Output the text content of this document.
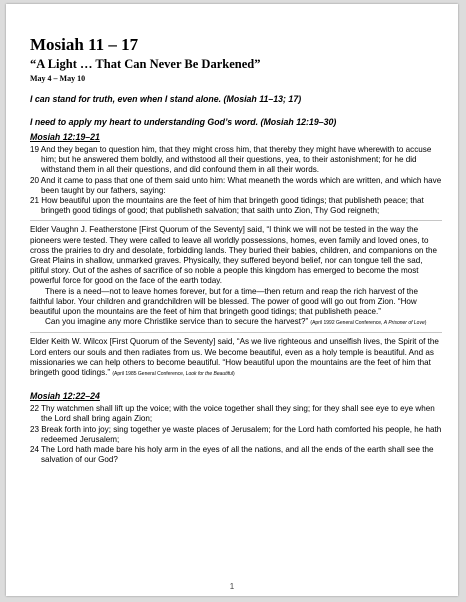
Mosiah 11 – 17

“A Light … That Can Never Be Darkened”

May 4 – May 10

I can stand for truth, even when I stand alone. (Mosiah 11–13; 17)

I need to apply my heart to understanding God’s word. (Mosiah 12:19–30)

Mosiah 12:19–21
19 And they began to question him, that they might cross him, that thereby they might have wherewith to accuse him; but he answered them boldly, and withstood all their questions, yea, to their astonishment; for he did withstand them in all their questions, and did confound them in all their words.
20 And it came to pass that one of them said unto him: What meaneth the words which are written, and which have been taught by our fathers, saying:
21 How beautiful upon the mountains are the feet of him that bringeth good tidings; that publisheth peace; that bringeth good tidings of good; that publisheth salvation; that saith unto Zion, Thy God reigneth;

Elder Vaughn J. Featherstone [First Quorum of the Seventy] said, “I think we will not be tested in the way the pioneers were tested. They were called to leave all worldly possessions, homes, even family and loved ones, to cross the prairies to dry and desolate, forbidding lands. They buried their babies, children, and companions on the Great Plains in shallow, unmarked graves. Physically, they suffered beyond belief, nor can tongue tell the sad, pitiful story. Out of the ashes of sacrifice of so noble a people this kingdom has emerged to become the most powerful force for good on the face of the earth today.

There is a need—not to leave homes forever, but for a time—then return and reap the rich harvest of the faithful labor. Your children and grandchildren will be blessed. The power of good will go out from Zion. “How beautiful upon the mountains are the feet of him that bringeth good tidings; that publisheth peace.”

Can you imagine any more Christlike service than to secure the harvest?” (April 1992 General Conference, A Prisoner of Love)

Elder Keith W. Wilcox [First Quorum of the Seventy] said, “As we live righteous and unselfish lives, the Spirit of the Lord enters our souls and then radiates from us. We become beautiful, even as a holy temple is beautiful. And as missionaries we can help others to become beautiful. “How beautiful upon the mountains are the feet of him that bringeth good tidings.” (April 1985 General Conference, Look for the Beautiful)

Mosiah 12:22–24
22 Thy watchmen shall lift up the voice; with the voice together shall they sing; for they shall see eye to eye when the Lord shall bring again Zion;
23 Break forth into joy; sing together ye waste places of Jerusalem; for the Lord hath comforted his people, he hath redeemed Jerusalem;
24 The Lord hath made bare his holy arm in the eyes of all the nations, and all the ends of the earth shall see the salvation of our God?
1
